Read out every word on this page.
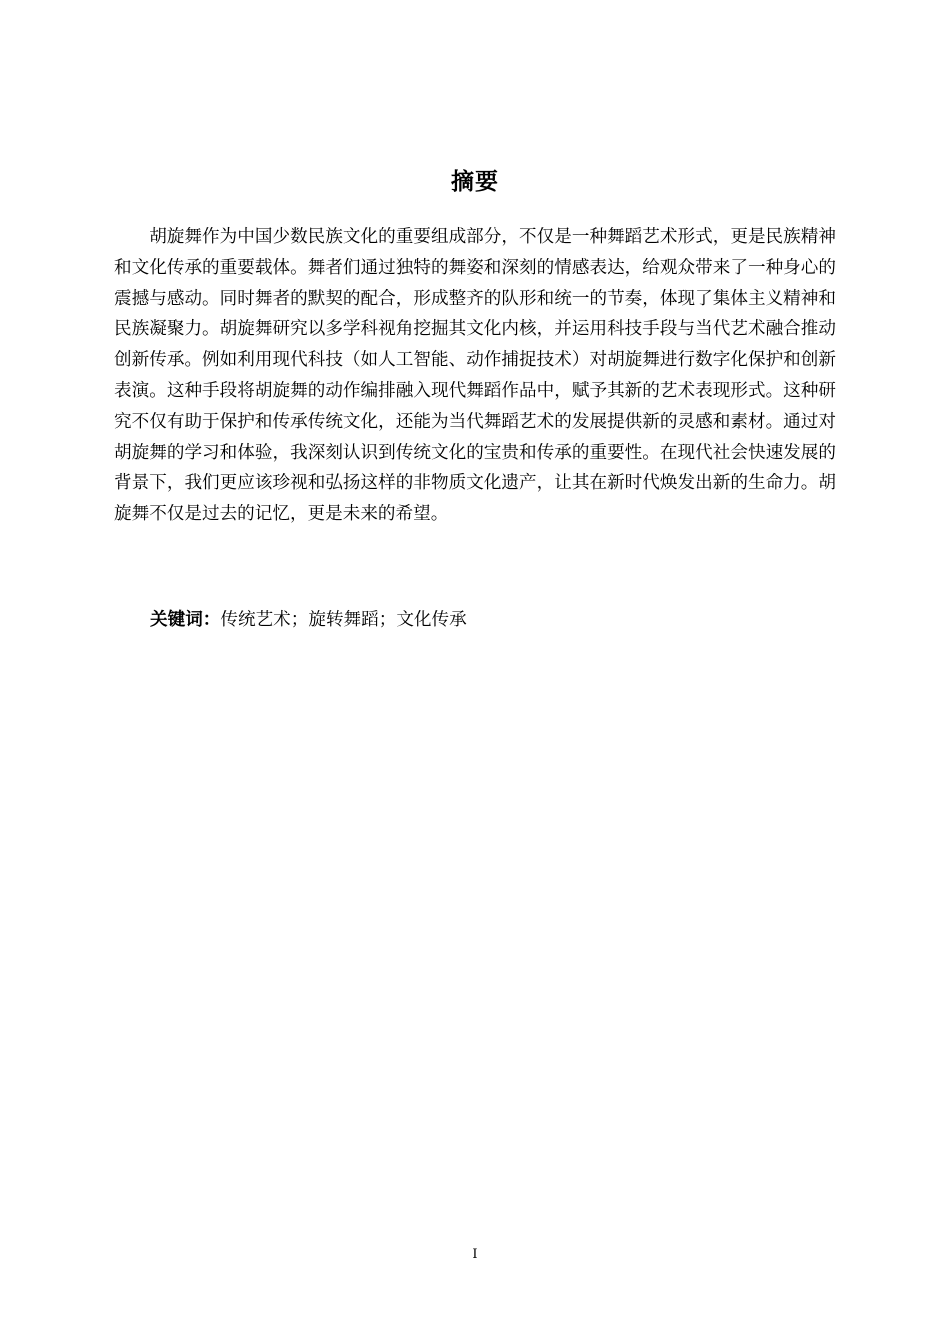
摘要

胡旋舞作为中国少数民族文化的重要组成部分，不仅是一种舞蹈艺术形式，更是民族精神和文化传承的重要载体。舞者们通过独特的舞姿和深刻的情感表达，给观众带来了一种身心的震撼与感动。同时舞者的默契的配合，形成整齐的队形和统一的节奏，体现了集体主义精神和民族凝聚力。胡旋舞研究以多学科视角挖掘其文化内核，并运用科技手段与当代艺术融合推动创新传承。例如利用现代科技（如人工智能、动作捕捉技术）对胡旋舞进行数字化保护和创新表演。这种手段将胡旋舞的动作编排融入现代舞蹈作品中，赋予其新的艺术表现形式。这种研究不仅有助于保护和传承传统文化，还能为当代舞蹈艺术的发展提供新的灵感和素材。通过对胡旋舞的学习和体验，我深刻认识到传统文化的宝贵和传承的重要性。在现代社会快速发展的背景下，我们更应该珍视和弘扬这样的非物质文化遗产，让其在新时代焕发出新的生命力。胡旋舞不仅是过去的记忆，更是未来的希望。

关键词：传统艺术；旋转舞蹈；文化传承
I
